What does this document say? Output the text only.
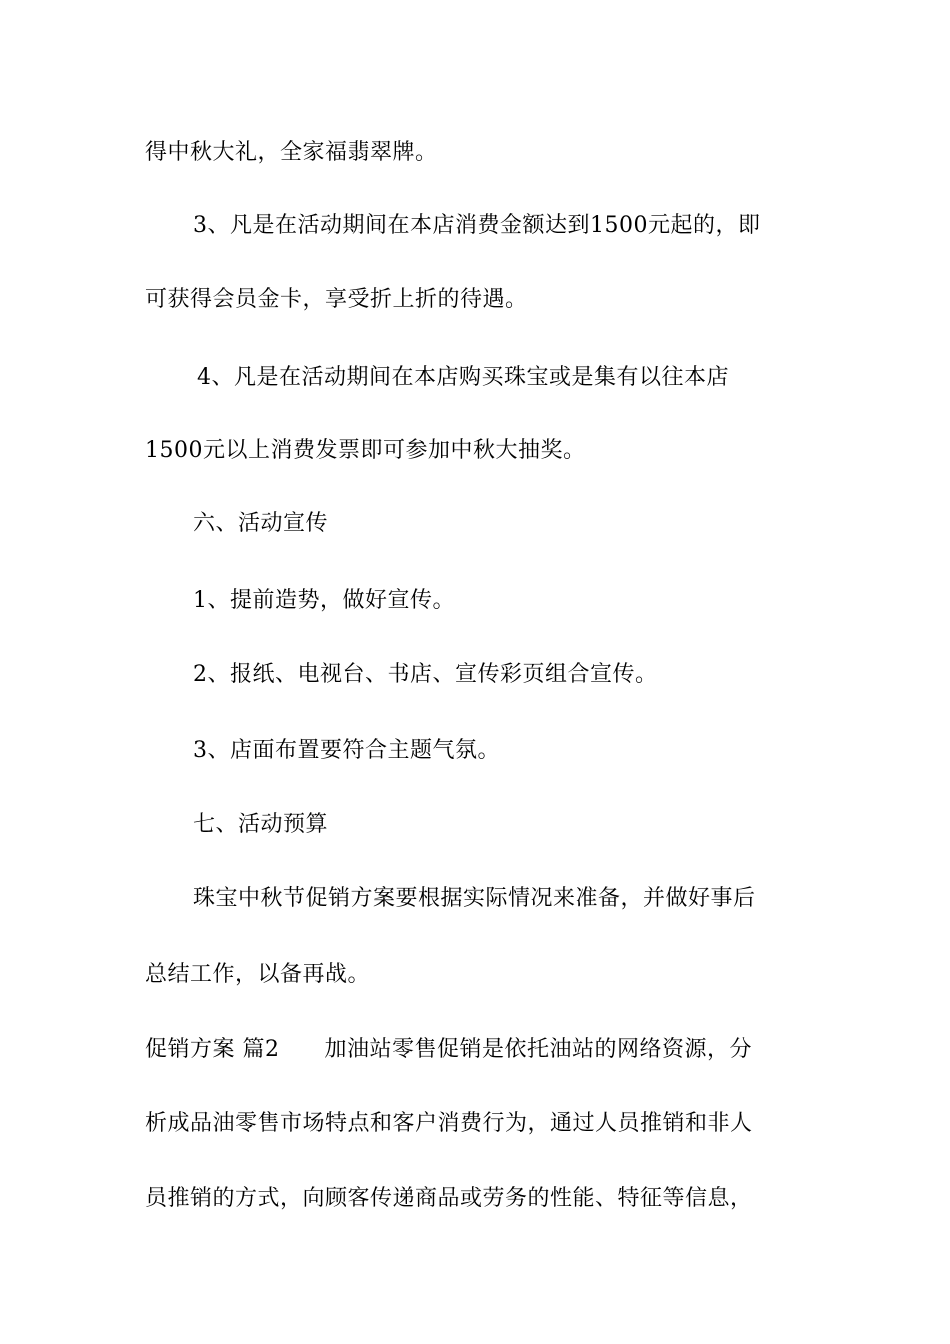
得中秋大礼，全家福翡翠牌。
3、凡是在活动期间在本店消费金额达到1500元起的，即
可获得会员金卡，享受折上折的待遇。
4、凡是在活动期间在本店购买珠宝或是集有以往本店
1500元以上消费发票即可参加中秋大抽奖。
六、活动宣传
1、提前造势，做好宣传。
2、报纸、电视台、书店、宣传彩页组合宣传。
3、店面布置要符合主题气氛。
七、活动预算
珠宝中秋节促销方案要根据实际情况来准备，并做好事后
总结工作，以备再战。
促销方案 篇2　　加油站零售促销是依托油站的网络资源，分
析成品油零售市场特点和客户消费行为，通过人员推销和非人
员推销的方式，向顾客传递商品或劳务的性能、特征等信息，
